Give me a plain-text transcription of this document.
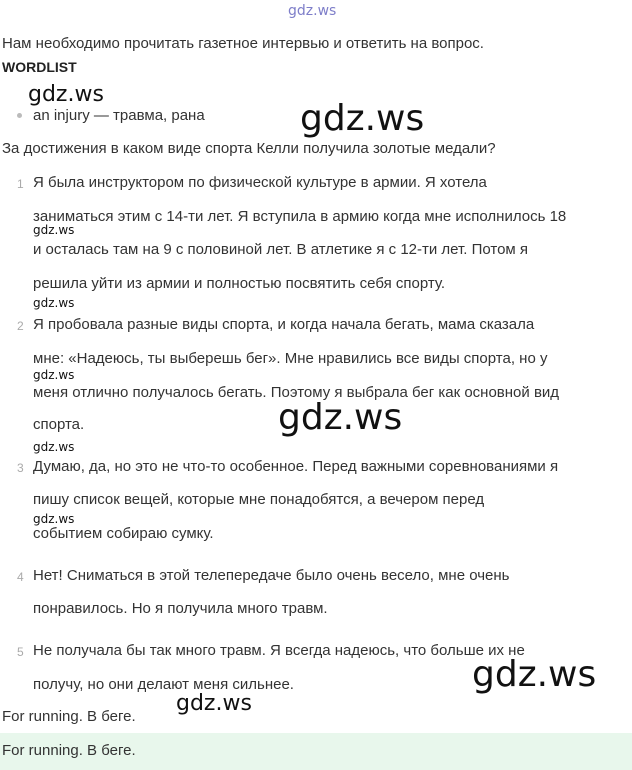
gdz.ws
Нам необходимо прочитать газетное интервью и ответить на вопрос.
WORDLIST
gdz.ws
an injury — травма, рана	gdz.ws
За достижения в каком виде спорта Келли получила золотые медали?
1 Я была инструктором по физической культуре в армии. Я хотела
заниматься этим с 14-ти лет. Я вступила в армию когда мне исполнилось 18
gdz.ws
и осталась там на 9 с половиной лет. В атлетике я с 12-ти лет. Потом я
решила уйти из армии и полностью посвятить себя спорту.
gdz.ws
2 Я пробовала разные виды спорта, и когда начала бегать, мама сказала
мне: «Надеюсь, ты выберешь бег». Мне нравились все виды спорта, но у
gdz.ws
меня отлично получалось бегать. Поэтому я выбрала бег как основной вид
gdz.ws
спорта.
gdz.ws
3 Думаю, да, но это не что-то особенное. Перед важными соревнованиями я
пишу список вещей, которые мне понадобятся, а вечером перед
gdz.ws
событием собираю сумку.
4 Нет! Сниматься в этой телепередаче было очень весело, мне очень
понравилось. Но я получила много травм.
5 Не получала бы так много травм. Я всегда надеюсь, что больше их не
gdz.ws
получу, но они делают меня сильнее.
gdz.ws
For running. В беге.
For running. В беге.
